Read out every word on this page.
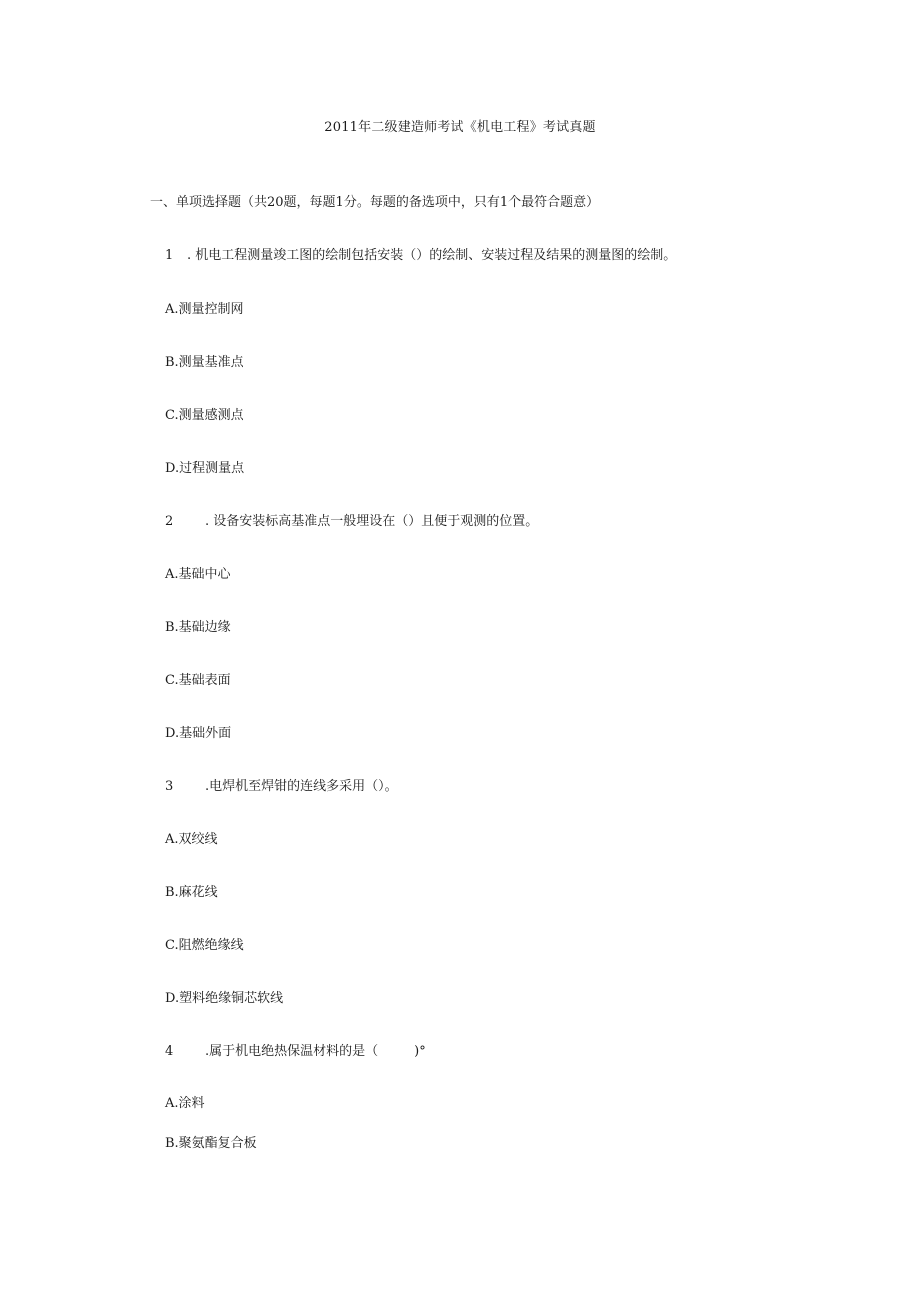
2011年二级建造师考试《机电工程》考试真题
一、单项选择题（共20题，每题1分。每题的备选项中，只有1个最符合题意）
1 . 机电工程测量竣工图的绘制包括安装（）的绘制、安装过程及结果的测量图的绘制。
A.测量控制网
B.测量基准点
C.测量感测点
D.过程测量点
2 . 设备安装标高基准点一般埋设在（）且便于观测的位置。
A.基础中心
B.基础边缘
C.基础表面
D.基础外面
3 .电焊机至焊钳的连线多采用（）。
A.双绞线
B.麻花线
C.阻燃绝缘线
D.塑料绝缘铜芯软线
4 .属于机电绝热保温材料的是（	)°
A.涂料
B.聚氨酯复合板
